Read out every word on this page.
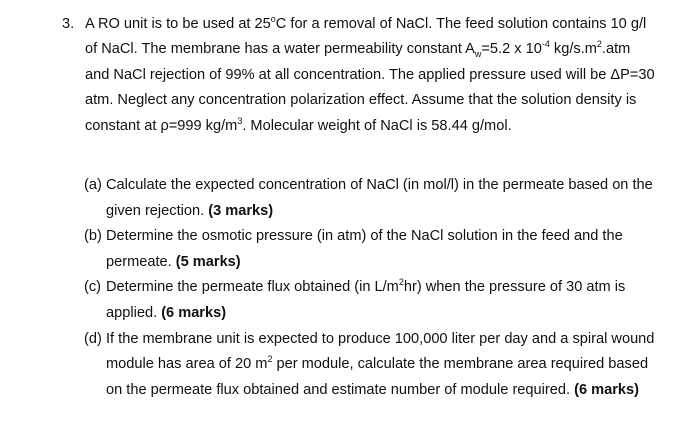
3. A RO unit is to be used at 25$^o$C for a removal of NaCl. The feed solution contains 10 g/l
of NaCl. The membrane has a water permeability constant $A_w=5.2$ x $10^{-4}$ $kg/s.m^2.atm$
and NaCl rejection of 99% at all concentration. The applied pressure used will be ΔP=30
atm. Neglect any concentration polarization effect. Assume that the solution density is
constant at ρ=999 $kg/m^3$. Molecular weight of NaCl is 58.44 g/mol.
(a) Calculate the expected concentration of NaCl (in mol/l) in the permeate based on the
given rejection. (3 marks)
(b) Determine the osmotic pressure (in atm) of the NaCl solution in the feed and the
permeate. (5 marks)
(c) Determine the permeate flux obtained (in $L/m^2hr$) when the pressure of 30 atm is
applied. (6 marks)
(d) If the membrane unit is expected to produce 100,000 liter per day and a spiral wound
module has area of 20 $m^2$ per module, calculate the membrane area required based
on the permeate flux obtained and estimate number of module required. (6 marks)
